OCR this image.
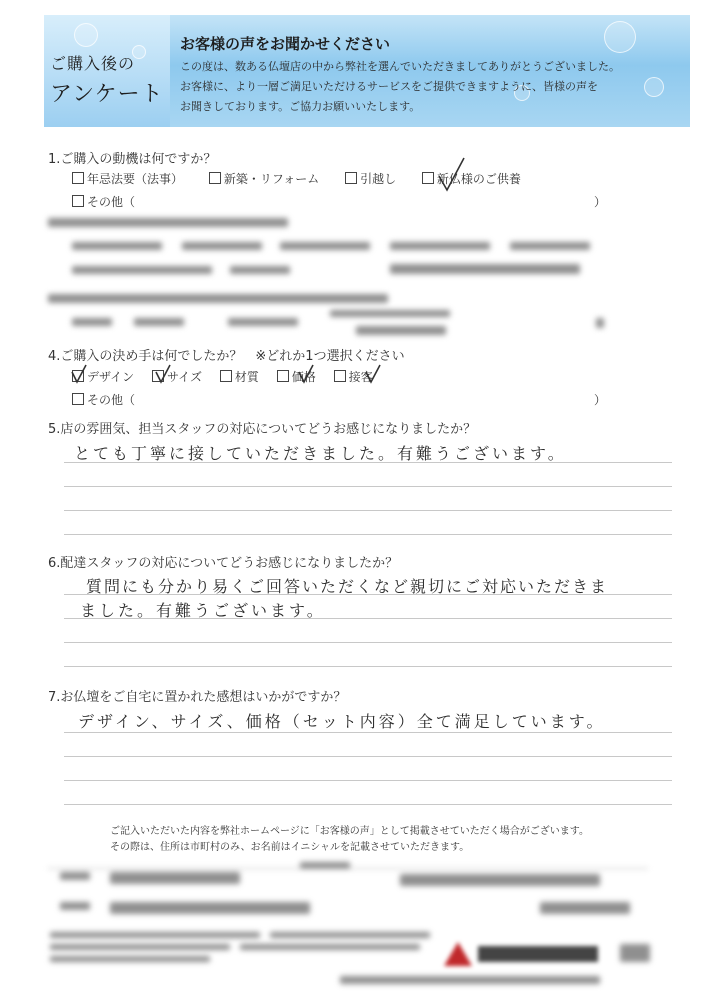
ご購入後の
アンケート
お客様の声をお聞かせください
この度は、数ある仏壇店の中から弊社を選んでいただきましてありがとうございました。
お客様に、より一層ご満足いただけるサービスをご提供できますように、皆様の声を
お聞きしております。ご協力お願いいたします。
1.ご購入の動機は何ですか？
年忌法要（法事）	新築・リフォーム	引越し	新仏様のご供養
その他（	）
4.ご購入の決め手は何でしたか？　※どれか1つ選択ください
デザイン	サイズ	材質	価格	接客
その他（	）
5.店の雰囲気、担当スタッフの対応についてどうお感じになりましたか？
とても丁寧に接していただきました。有難うございます。
6.配達スタッフの対応についてどうお感じになりましたか？
質問にも分かり易くご回答いただくなど親切にご対応いただきま
ました。有難うございます。
7.お仏壇をご自宅に置かれた感想はいかがですか？
デザイン、サイズ、価格（セット内容）全て満足しています。
ご記入いただいた内容を弊社ホームページに「お客様の声」として掲載させていただく場合がございます。
その際は、住所は市町村のみ、お名前はイニシャルを記載させていただきます。
